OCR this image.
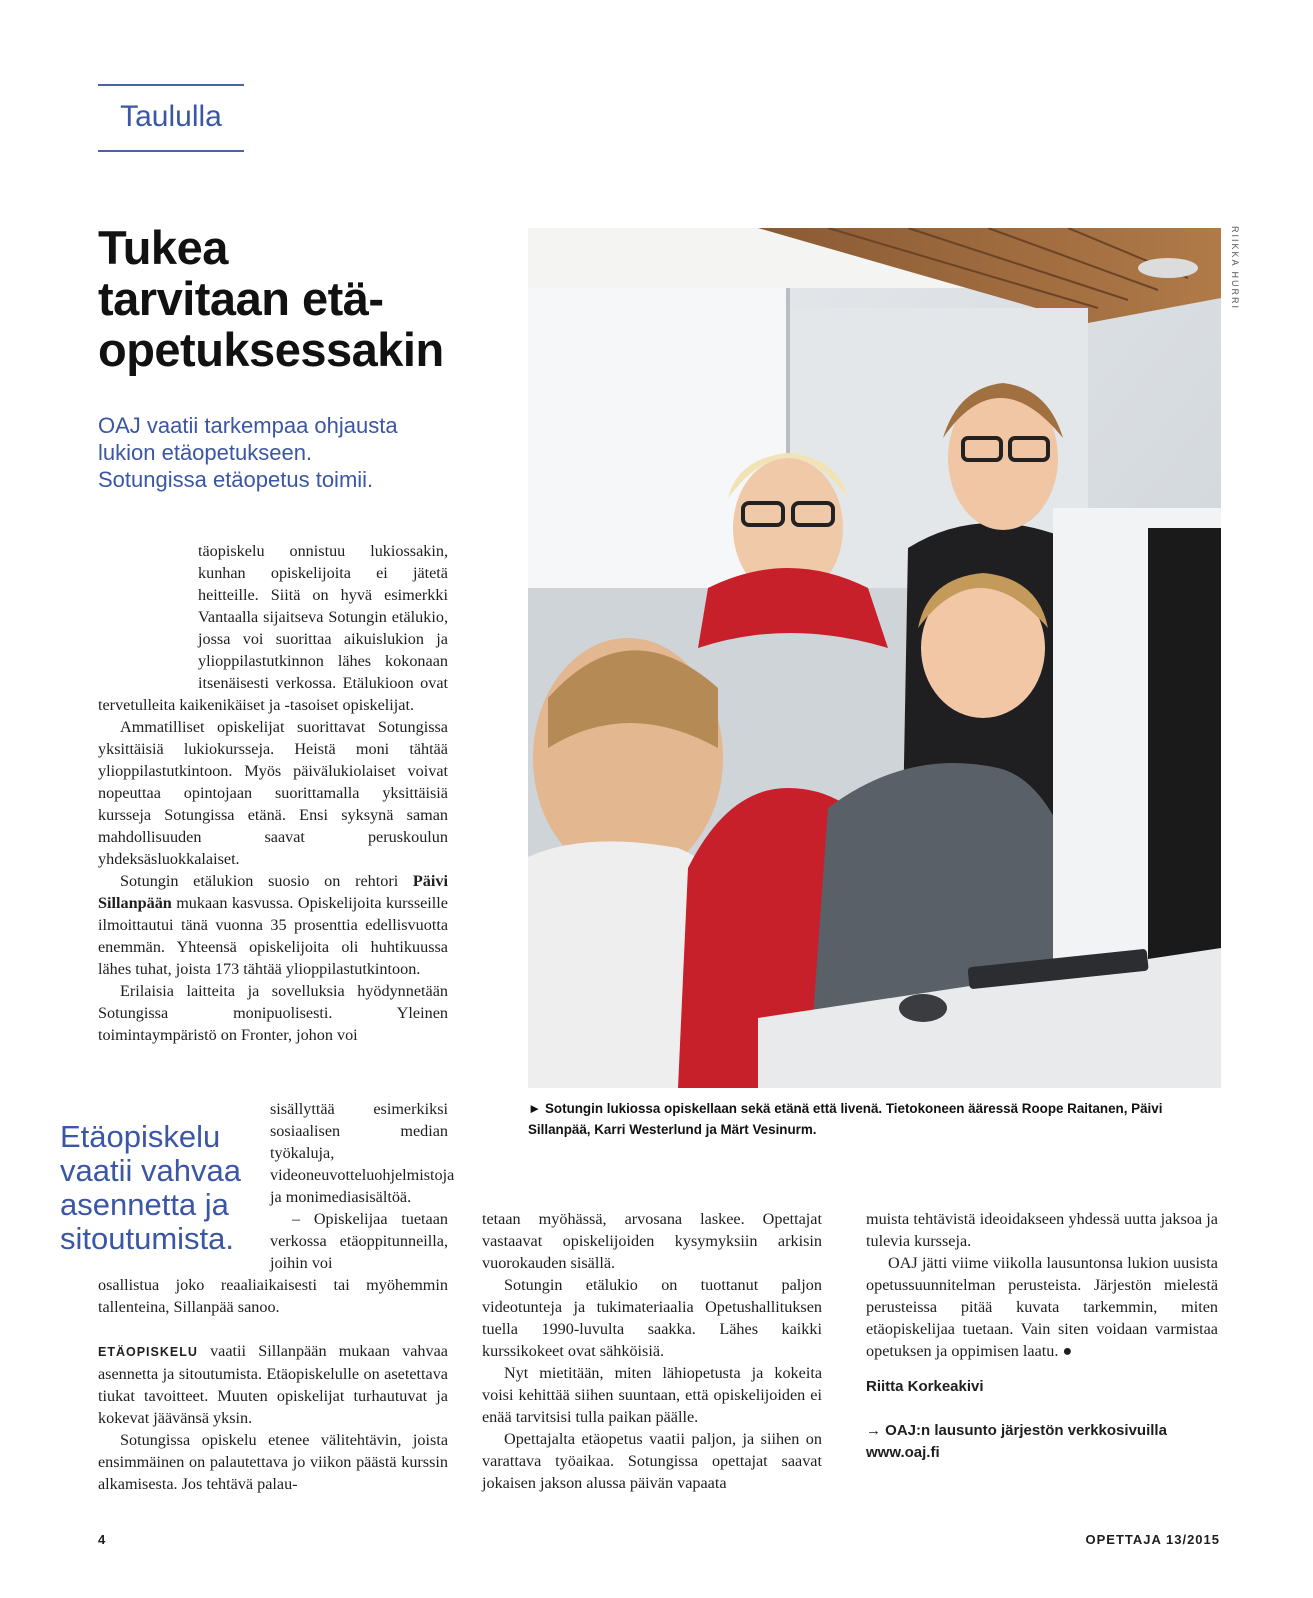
Taulullа
Tukea
tarvitaan etä-
opetuksessakin
OAJ vaatii tarkempaa ohjausta
lukion etäopetukseen.
Sotungissa etäopetus toimii.

täopiskelu onnistuu lukiossakin, kunhan opiskelijoita ei jätetä heitteille. Siitä on hyvä esimerkki Vantaalla sijaitseva Sotungin etälukio, jossa voi suorittaa aikuislukion ja ylioppilastutkinnon lähes kokonaan itsenäisesti verkossa. Etälukioon ovat tervetulleita kaikenikäiset ja -tasoiset opiskelijat.

Ammatilliset opiskelijat suorittavat Sotungissa yksittäisiä lukiokursseja. Heistä moni tähtää ylioppilastutkintoon. Myös päivälukiolaiset voivat nopeuttaa opintojaan suorittamalla yksittäisiä kursseja Sotungissa etänä. Ensi syksynä saman mahdollisuuden saavat peruskoulun yhdeksäsluokkalaiset.

Sotungin etälukion suosio on rehtori Päivi Sillanpään mukaan kasvussa. Opiskelijoita kursseille ilmoittautui tänä vuonna 35 prosenttia edellisvuotta enemmän. Yhteensä opiskelijoita oli huhtikuussa lähes tuhat, joista 173 tähtää ylioppilastutkintoon.

Erilaisia laitteita ja sovelluksia hyödynnetään Sotungissa monipuolisesti. Yleinen toimintaympäristö on Fronter, johon voi

sisällyttää esimerkiksi sosiaalisen median työkaluja, videoneuvotteluohjelmistoja ja monimediasisältöä.

– Opiskelijaa tuetaan verkossa etäoppitunneilla, joihin voi

Etäopiskelu vaatii vahvaa asennetta ja sitoutumista.

osallistua joko reaaliaikaisesti tai myöhemmin tallenteina, Sillanpää sanoo.

ETÄOPISKELU vaatii Sillanpään mukaan vahvaa asennetta ja sitoutumista. Etäopiskelulle on asetettava tiukat tavoitteet. Muuten opiskelijat turhautuvat ja kokevat jäävänsä yksin.

Sotungissa opiskelu etenee välitehtävin, joista ensimmäinen on palautettava jo viikon päästä kurssin alkamisesta. Jos tehtävä palau-

RIIKKA HURRI
► Sotungin lukiossa opiskellaan sekä etänä että livenä. Tietokoneen ääressä Roope Raitanen, Päivi Sillanpää, Karri Westerlund ja Märt Vesinurm.

tetaan myöhässä, arvosana laskee. Opettajat vastaavat opiskelijoiden kysymyksiin arkisin vuorokauden sisällä.

Sotungin etälukio on tuottanut paljon videotunteja ja tukimateriaalia Opetushallituksen tuella 1990-luvulta saakka. Lähes kaikki kurssikokeet ovat sähköisiä.

Nyt mietitään, miten lähiopetusta ja kokeita voisi kehittää siihen suuntaan, että opiskelijoiden ei enää tarvitsisi tulla paikan päälle.

Opettajalta etäopetus vaatii paljon, ja siihen on varattava työaikaa. Sotungissa opettajat saavat jokaisen jakson alussa päivän vapaata

muista tehtävistä ideoidakseen yhdessä uutta jaksoa ja tulevia kursseja.

OAJ jätti viime viikolla lausuntonsa lukion uusista opetussuunnitelman perusteista. Järjestön mielestä perusteissa pitää kuvata tarkemmin, miten etäopiskelijaa tuetaan. Vain siten voidaan varmistaa opetuksen ja oppimisen laatu. ●

Riitta Korkeakivi

→ OAJ:n lausunto järjestön verkkosivuilla
www.oaj.fi

4	OPETTAJA 13/2015
